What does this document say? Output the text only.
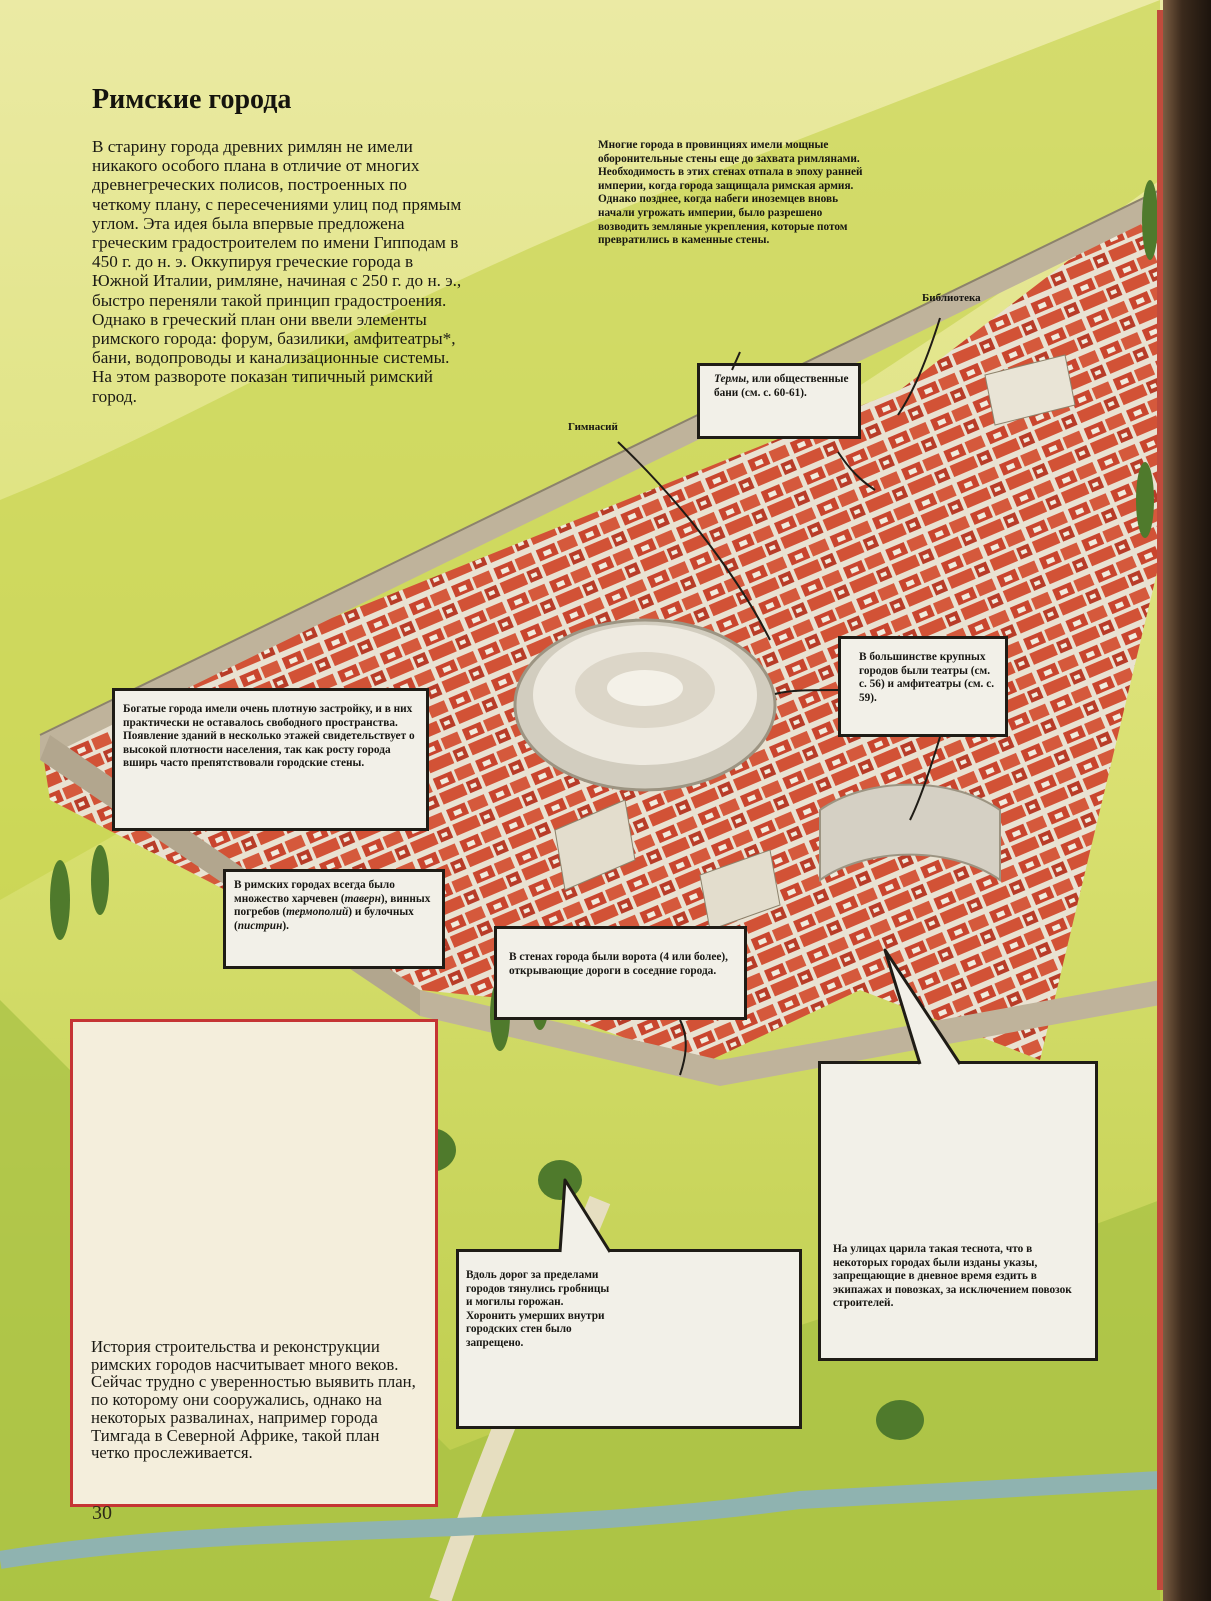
Римские города

В старину города древних римлян не имели никакого особого плана в отличие от многих древнегреческих полисов, построенных по четкому плану, с пересечениями улиц под прямым углом. Эта идея была впервые предложена греческим градостроителем по имени Гипподам в 450 г. до н. э. Оккупируя греческие города в Южной Италии, римляне, начиная с 250 г. до н. э., быстро переняли такой принцип градостроения. Однако в греческий план они ввели элементы римского города: форум, базилики, амфитеатры*, бани, водопроводы и канализационные системы. На этом развороте показан типичный римский город.

Многие города в провинциях имели мощные оборонительные стены еще до захвата римлянами. Необходимость в этих стенах отпала в эпоху ранней империи, когда города защищала римская армия. Однако позднее, когда набеги иноземцев вновь начали угрожать империи, было разрешено возводить земляные укрепления, которые потом превратились в каменные стены.

Библиотека
Гимнасий
Термы, или общественные бани (см. с. 60-61).
В большинстве крупных городов были театры (см. с. 56) и амфитеатры (см. с. 59).
Богатые города имели очень плотную застройку, и в них практически не оставалось свободного пространства. Появление зданий в несколько этажей свидетельствует о высокой плотности населения, так как росту города вширь часто препятствовали городские стены.
В римских городах всегда было множество харчевен (таверн), винных погребов (термополий) и булочных (пистрин).
В стенах города были ворота (4 или более), открывающие дороги в соседние города.

История строительства и реконструкции римских городов насчитывает много веков. Сейчас трудно с уверенностью выявить план, по которому они сооружались, однако на некоторых развалинах, например города Тимгада в Северной Африке, такой план четко прослеживается.

Вдоль дорог за пределами городов тянулись гробницы и могилы горожан. Хоронить умерших внутри городских стен было запрещено.

На улицах царила такая теснота, что в некоторых городах были изданы указы, запрещающие в дневное время ездить в экипажах и повозках, за исключением повозок строителей.

30
